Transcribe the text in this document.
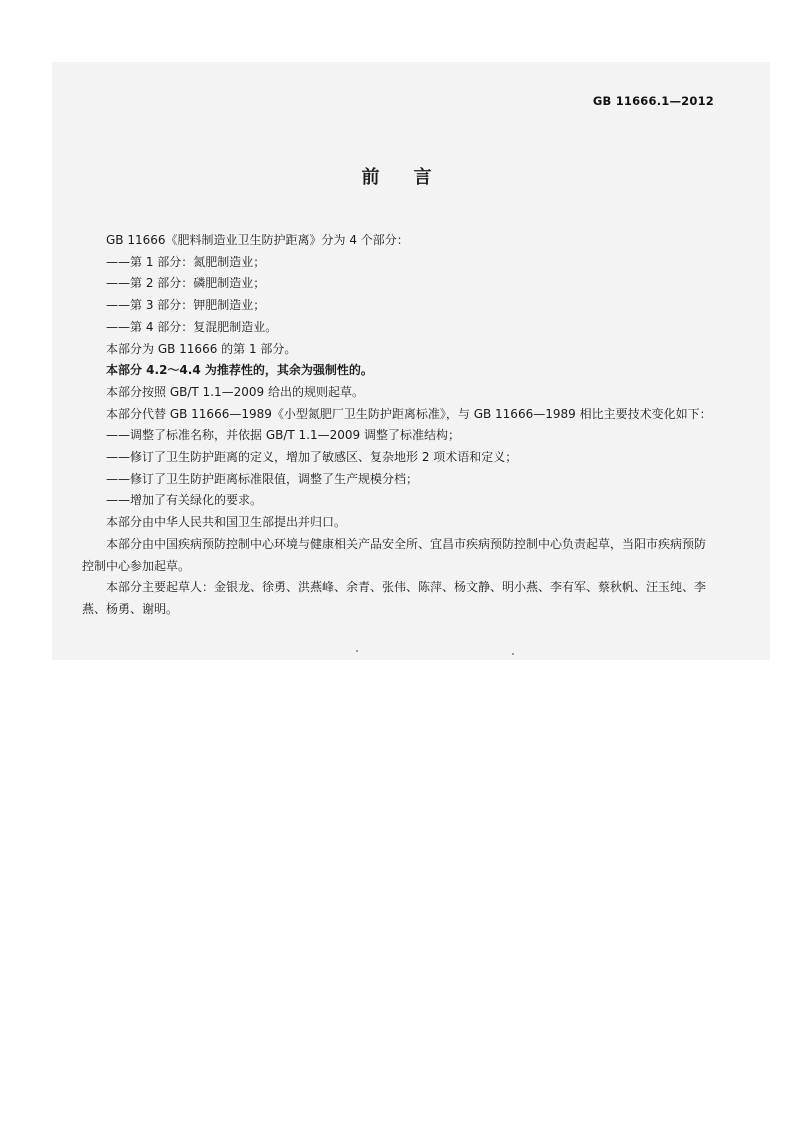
GB 11666.1—2012
前言

GB 11666《肥料制造业卫生防护距离》分为 4 个部分：

——第 1 部分：氮肥制造业；

——第 2 部分：磷肥制造业；

——第 3 部分：钾肥制造业；

——第 4 部分：复混肥制造业。

本部分为 GB 11666 的第 1 部分。

本部分 4.2～4.4 为推荐性的，其余为强制性的。

本部分按照 GB/T 1.1—2009 给出的规则起草。

本部分代替 GB 11666—1989《小型氮肥厂卫生防护距离标准》，与 GB 11666—1989 相比主要技术变化如下：

——调整了标准名称，并依据 GB/T 1.1—2009 调整了标准结构；

——修订了卫生防护距离的定义，增加了敏感区、复杂地形 2 项术语和定义；

——修订了卫生防护距离标准限值，调整了生产规模分档；

——增加了有关绿化的要求。

本部分由中华人民共和国卫生部提出并归口。

本部分由中国疾病预防控制中心环境与健康相关产品安全所、宜昌市疾病预防控制中心负责起草，当阳市疾病预防控制中心参加起草。

本部分主要起草人：金银龙、徐勇、洪燕峰、余青、张伟、陈萍、杨文静、明小燕、李有军、蔡秋帆、汪玉纯、李燕、杨勇、谢明。
